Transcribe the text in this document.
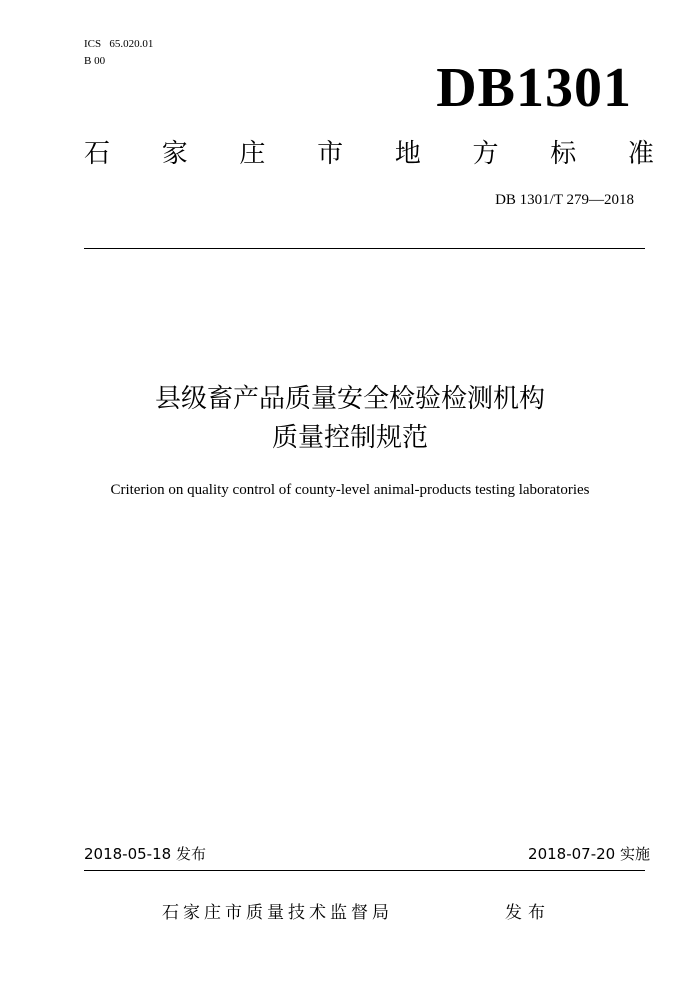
ICS   65.020.01
B 00	DB1301
石 家 庄 市 地 方 标 准
DB 1301/T 279—2018
县级畜产品质量安全检验检测机构
质量控制规范
Criterion on quality control of county-level animal-products testing laboratories
2018-05-18 发布	2018-07-20 实施
石家庄市质量技术监督局	发布
